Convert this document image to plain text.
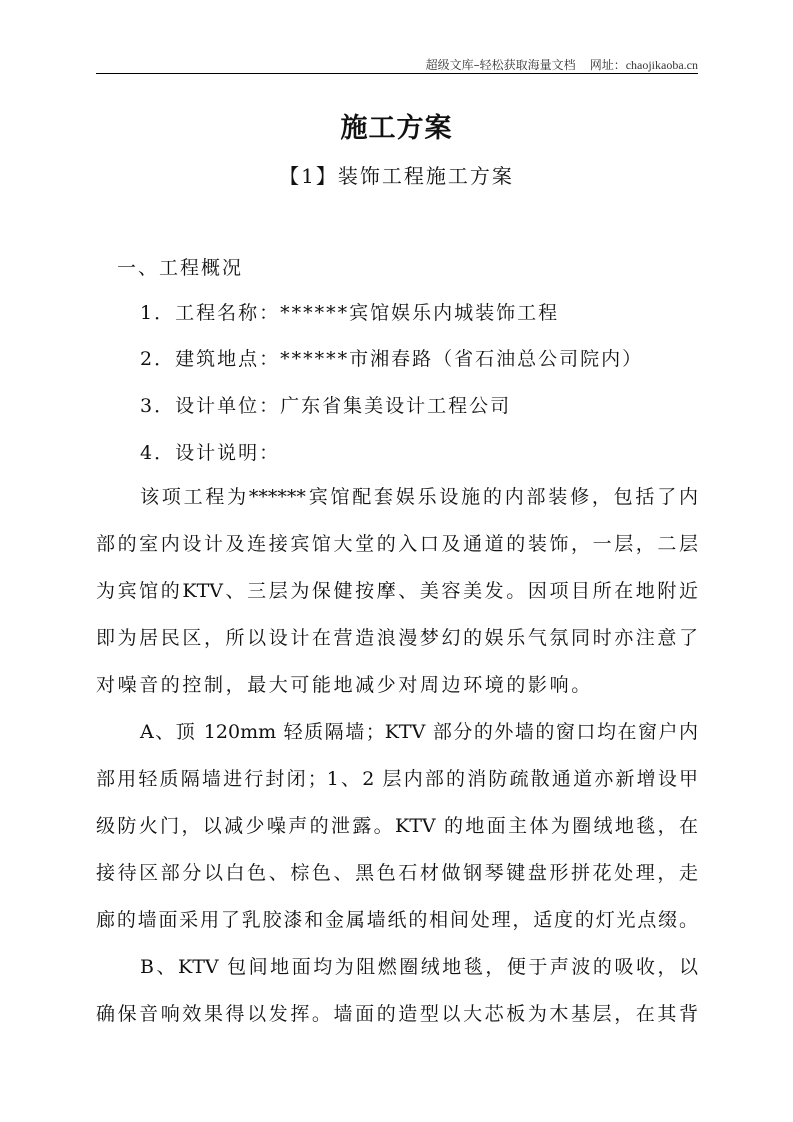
超级文库–轻松获取海量文档 网址：chaojikaoba.cn
施工方案
【1】装饰工程施工方案
一、工程概况
1．工程名称：******宾馆娱乐内城装饰工程
2．建筑地点：******市湘春路（省石油总公司院内）
3．设计单位：广东省集美设计工程公司
4．设计说明：
该项工程为******宾馆配套娱乐设施的内部装修，包括了内
部的室内设计及连接宾馆大堂的入口及通道的装饰，一层，二层
为宾馆的KTV、三层为保健按摩、美容美发。因项目所在地附近
即为居民区，所以设计在营造浪漫梦幻的娱乐气氛同时亦注意了
对噪音的控制，最大可能地减少对周边环境的影响。
A、顶 120mm 轻质隔墙；KTV 部分的外墙的窗口均在窗户内
部用轻质隔墙进行封闭；1、2 层内部的消防疏散通道亦新增设甲
级防火门，以减少噪声的泄露。KTV 的地面主体为圈绒地毯，在
接待区部分以白色、棕色、黑色石材做钢琴键盘形拼花处理，走
廊的墙面采用了乳胶漆和金属墙纸的相间处理，适度的灯光点缀。
B、KTV 包间地面均为阻燃圈绒地毯，便于声波的吸收，以
确保音响效果得以发挥。墙面的造型以大芯板为木基层，在其背
